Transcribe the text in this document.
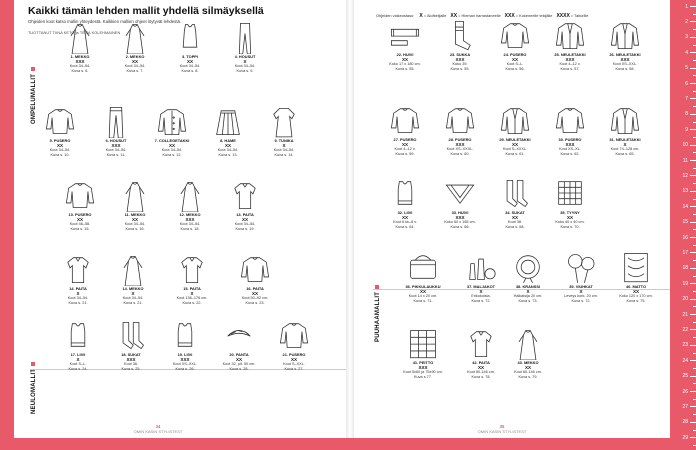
1
2
3
4
5
6
7
8
9
10
11
12
13
14
15
16
17
18
19
20
21
22
23
24
25
26
27
28
29
Kaikki tämän lehden mallit yhdellä silmäyksellä
Ohjeiden koot katso mallin yhteydestä. Kaikkien mallien ohjeet löytyvät lehdestä.
TUOTTANUT TIINA KETO ja TEIJA KOLEHMAINEN
Ohjeiden vaikeustaso: X = Aloittelijalle XX = Hieman harrastaneelle XXX = Kokeneelle tekijälle XXXX = Taiturille
OMPELUMALLIT
NEULOMALLIT
PUUHAAMALLIT
1. MEKKO
XXX
Koot 34–54.
Kuva s. 6.
2. MEKKO
XX
Koot 34–54.
Kuva s. 7.
3. TOPPI
XX
Koot 34–54.
Kuva s. 8.
4. HOUSUT
X
Koot 34–54.
Kuva s. 9.
5. PUSERO
XX
Koot 34–54.
Kuva s. 10.
6. HOUSUT
XXX
Koot 34–54.
Kuva s. 11.
7. COLLEGETAKKI
XX
Koot 34–54.
Kuva s. 12.
8. HAME
XX
Koot 34–54.
Kuva s. 13.
9. TUNIKA
X
Koot 34–54.
Kuva s. 14.
10. PUSERO
XX
Koot 46–58.
Kuva s. 15.
11. MEKKO
XX
Koot 34–54.
Kuva s. 16.
12. MEKKO
XXX
Koot 34–54.
Kuva s. 18.
13. PAITA
XX
Koot 34–54.
Kuva s. 19.
14. PAITA
X
Koot 34–54.
Kuva s. 21.
14. MEKKO
X
Koot 34–54.
Kuva s. 21.
15. PAITA
X
Koot 136–176 cm.
Kuva s. 22.
16. PAITA
XX
Koot 50–92 cm.
Kuva s. 23.
17. LIIVI
X
Koot S–L.
Kuva s. 24.
18. SUKAT
XXX
Koot 36.
Kuva s. 25.
19. LIIVI
XXX
Koot XS–XXL.
Kuva s. 26.
20. PANTA
XX
Koot 32, pit. 50 cm.
Kuva s. 28.
21. PUSERO
XX
Koot S–XXL.
Kuva s. 27.
22. HUIVI
XX
Koko 17 x 180 cm.
Kuva s. 55.
23. SUKKA
XXX
Koko 39.
Kuva s. 55.
24. PUSERO
XX
Koot S–L.
Kuva s. 56.
25. NEULETAKKI
XXX
Koot 4–12 v.
Kuva s. 57.
26. NEULETAKKI
XXX
Koot XS–XXL.
Kuva s. 58.
27. PUSERO
XX
Koot 4–12 v.
Kuva s. 59.
28. PUSERO
XXX
Koot XS–XXXL.
Kuva s. 60.
29. NEULETAKKI
XX
Koot S–XXXL.
Kuva s. 61.
30. PUSERO
XXX
Koot XS–XL.
Kuva s. 62.
31. NEULETAKKI
X
Koot 74–128 cm.
Kuva s. 65.
32. LIIVI
XX
Koot 6 kk–8 v.
Kuva s. 64.
33. HUIVI
XXX
Koko 60 x 165 cm.
Kuva s. 66.
34. SUKAT
XX
Koot 38.
Kuva s. 68.
35. TYYNY
XX
Koko 40 x 40 cm.
Kuva s. 70.
36. PIKKULAUKKU
XX
Koot 14 x 20 cm.
Kuva s. 71.
37. MALJAKOT
X
Erikokoisia.
Kuva s. 72.
38. KRANSSI
X
Halkaisija 20 cm.
Kuva s. 73.
39. VIUHKAT
X
Leveys kork. 20 cm.
Kuva s. 72.
40. MATTO
XX
Koko 120 x 170 cm.
Kuva s. 75.
41. PEITTO
XXX
Koot 5x60 ja 75x90 cm.
Kuva s.77.
42. PAITA
XX
Koot 80-146 cm.
Kuva s. 78.
43. MEKKO
XX
Koot 80-146 cm.
Kuva s. 79.
34
OMIN KÄSIN STYLISTEST
35
OMIN KÄSIN STYLISTEST
